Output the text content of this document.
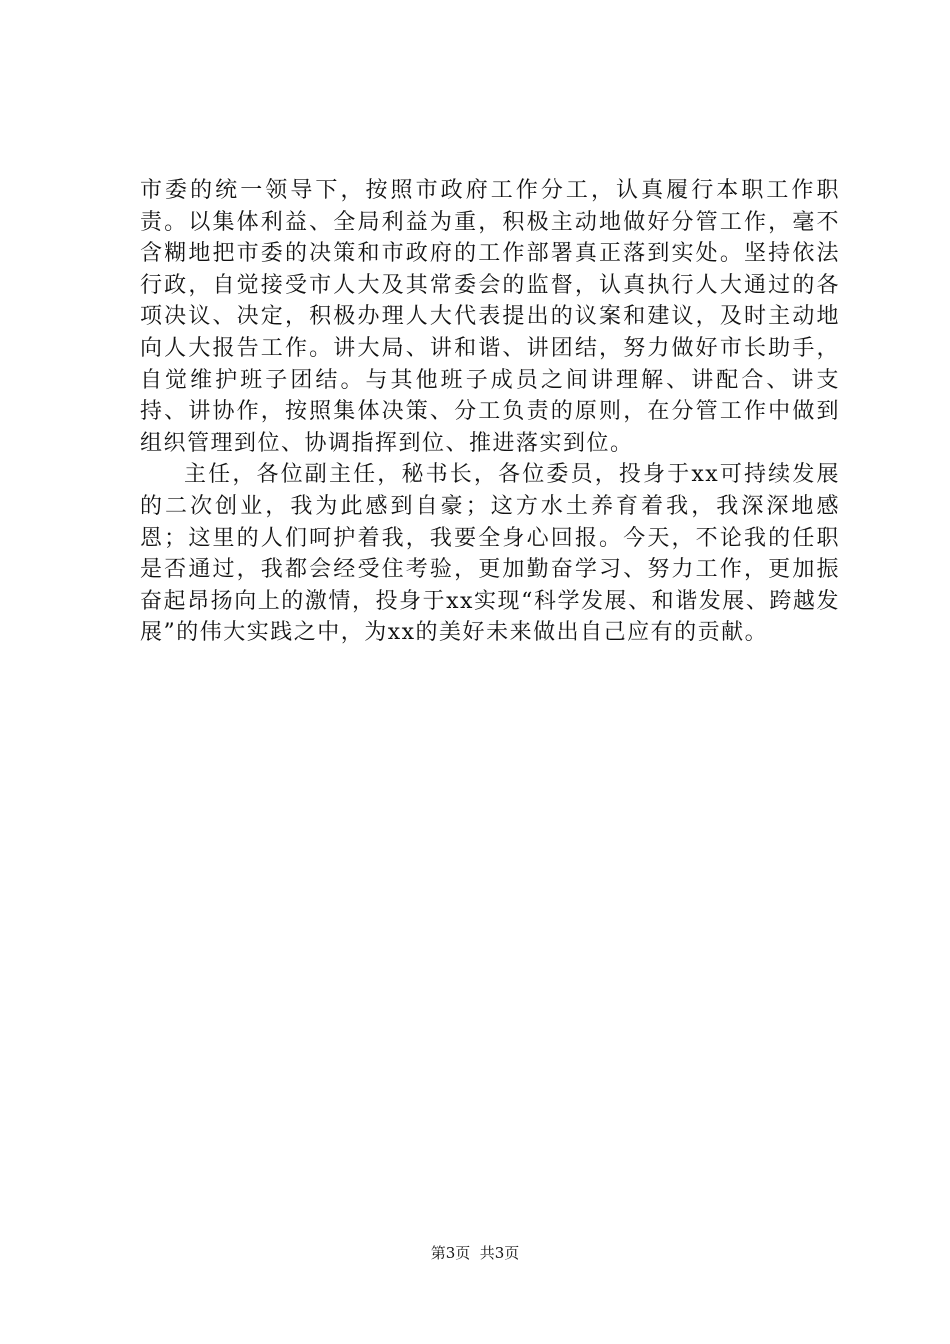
市委的统一领导下，按照市政府工作分工，认真履行本职工作职责。以集体利益、全局利益为重，积极主动地做好分管工作，毫不含糊地把市委的决策和市政府的工作部署真正落到实处。坚持依法行政，自觉接受市人大及其常委会的监督，认真执行人大通过的各项决议、决定，积极办理人大代表提出的议案和建议，及时主动地向人大报告工作。讲大局、讲和谐、讲团结，努力做好市长助手，自觉维护班子团结。与其他班子成员之间讲理解、讲配合、讲支持、讲协作，按照集体决策、分工负责的原则，在分管工作中做到组织管理到位、协调指挥到位、推进落实到位。

主任，各位副主任，秘书长，各位委员，投身于xx可持续发展的二次创业，我为此感到自豪；这方水土养育着我，我深深地感恩；这里的人们呵护着我，我要全身心回报。今天，不论我的任职是否通过，我都会经受住考验，更加勤奋学习、努力工作，更加振奋起昂扬向上的激情，投身于xx实现“科学发展、和谐发展、跨越发展”的伟大实践之中，为xx的美好未来做出自己应有的贡献。

第3页  共3页
